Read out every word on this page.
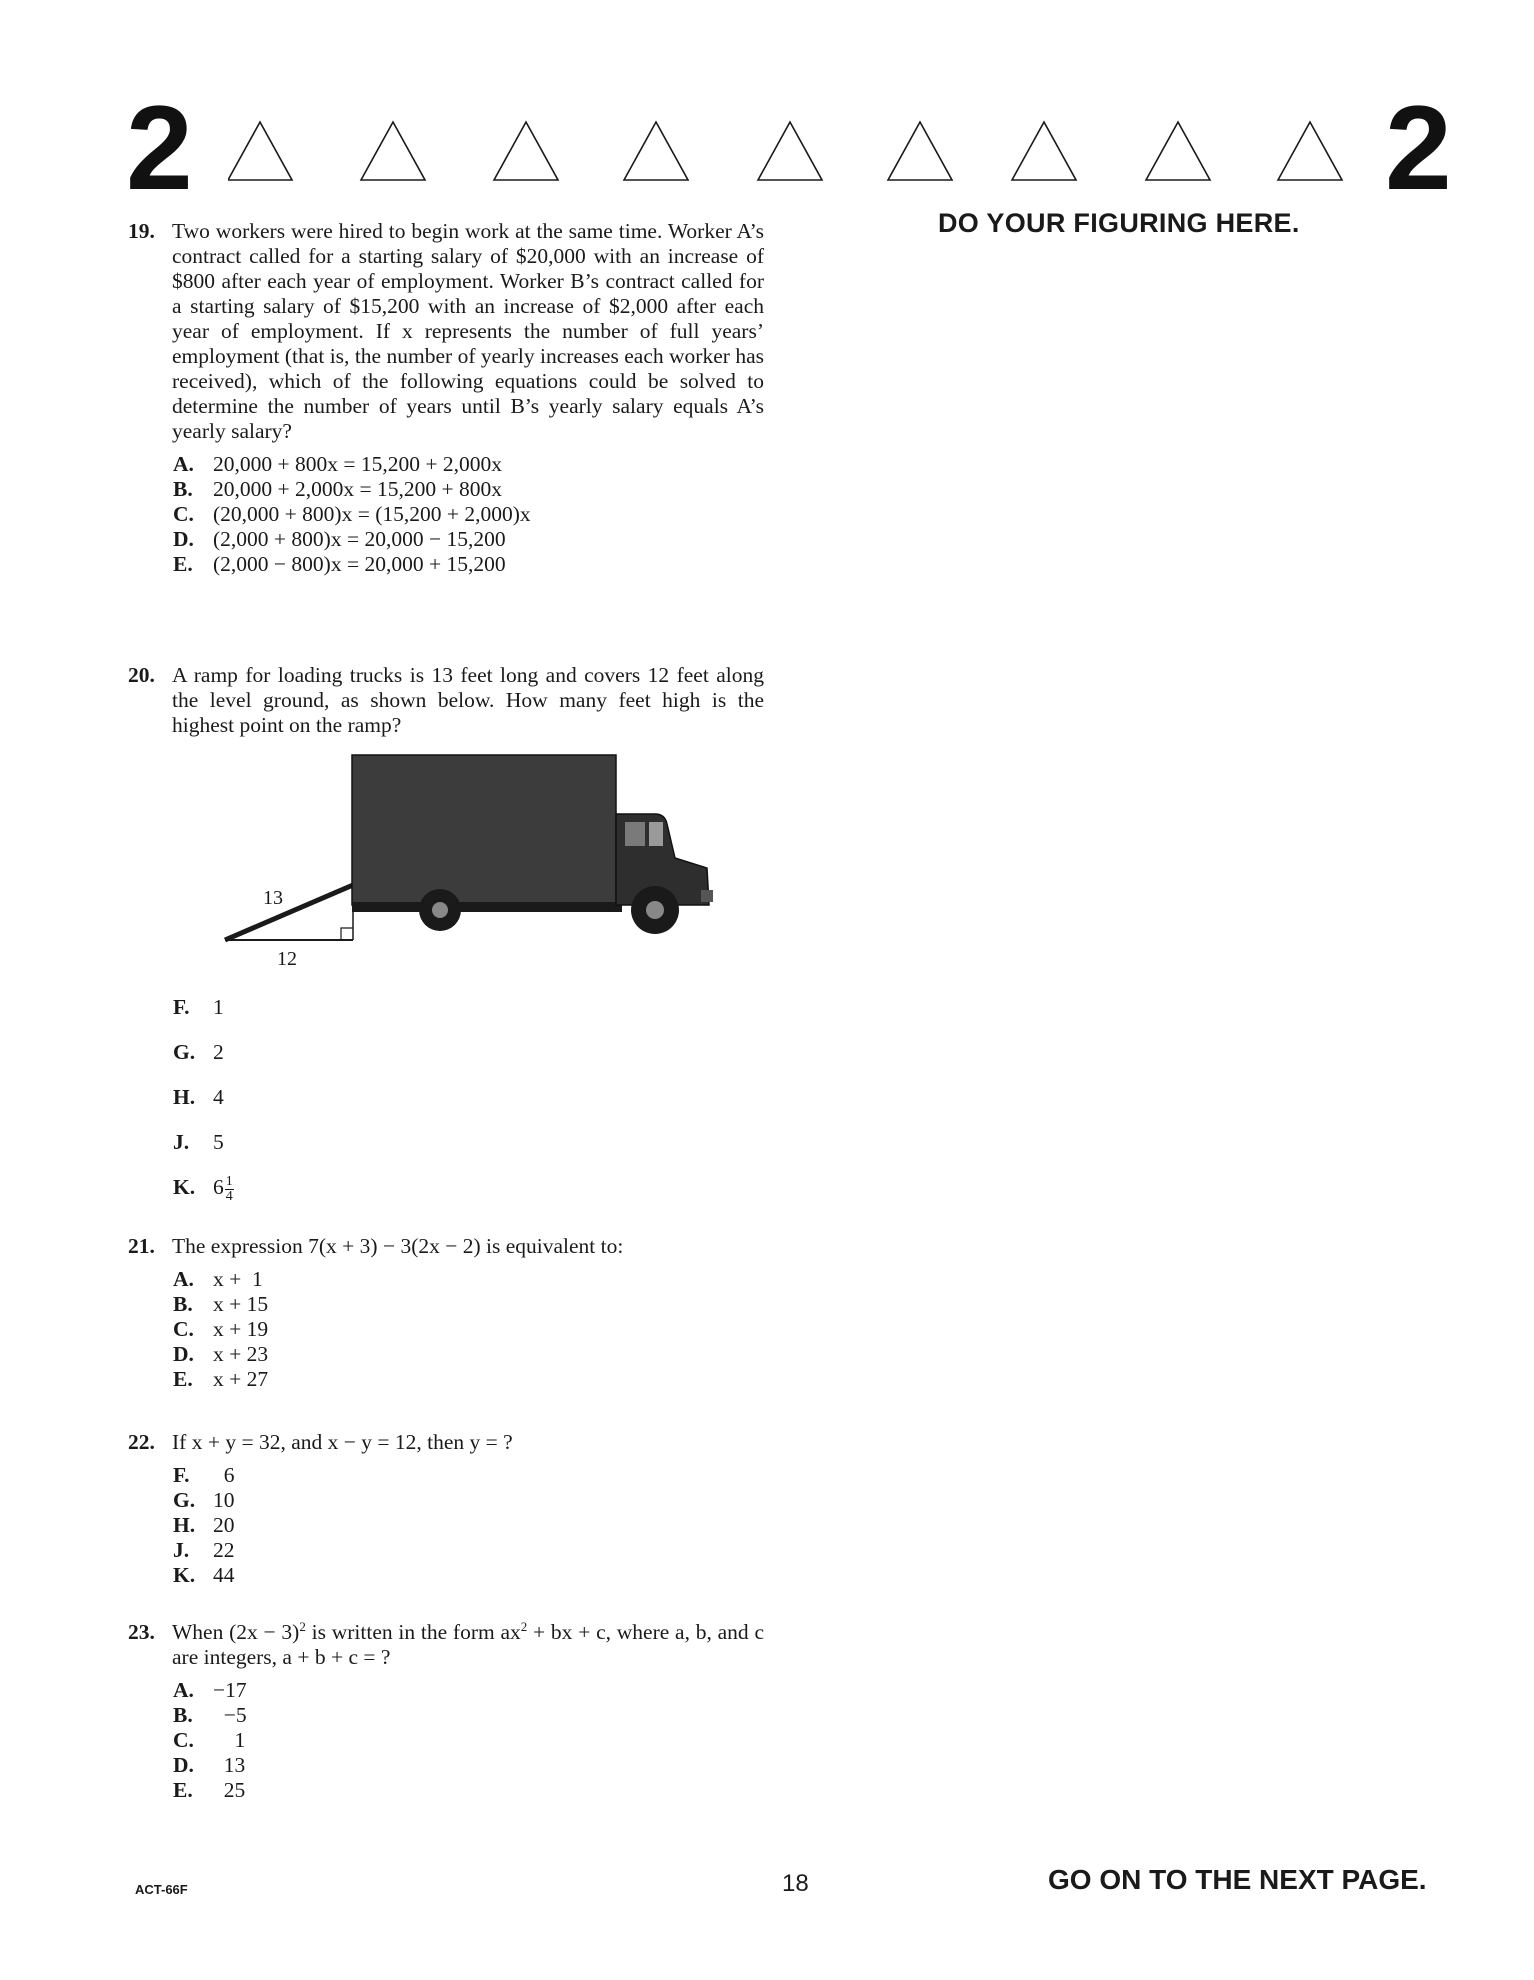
2	2
DO YOUR FIGURING HERE.
19. Two workers were hired to begin work at the same time. Worker A’s contract called for a starting salary of $20,000 with an increase of $800 after each year of employment. Worker B’s contract called for a starting salary of $15,200 with an increase of $2,000 after each year of employment. If x represents the number of full years’ employment (that is, the number of yearly increases each worker has received), which of the following equations could be solved to determine the number of years until B’s yearly salary equals A’s yearly salary?
A. 20,000 + 800x = 15,200 + 2,000x
B. 20,000 + 2,000x = 15,200 + 800x
C. (20,000 + 800)x = (15,200 + 2,000)x
D. (2,000 + 800)x = 20,000 − 15,200
E. (2,000 − 800)x = 20,000 + 15,200
20. A ramp for loading trucks is 13 feet long and covers 12 feet along the level ground, as shown below. How many feet high is the highest point on the ramp?
13
12
F.	1
G. 2
H. 4
J.	5
K. $6 \frac{1}{4}$
21. The expression 7(x + 3) − 3(2x − 2) is equivalent to:
A. x +  1
B. x + 15
C. x + 19
D. x + 23
E. x + 27
22. If x + y = 32, and x − y = 12, then y = ?
F.	6
G. 10
H. 20
J.	22
K. 44
23. When $(2x - 3)^2$ is written in the form $ax^2$ + bx + c, where a, b, and c are integers, a + b + c = ?
A. −17
B. −5
C. 1
D. 13
E. 25
ACT-66F	18	GO ON TO THE NEXT PAGE.
